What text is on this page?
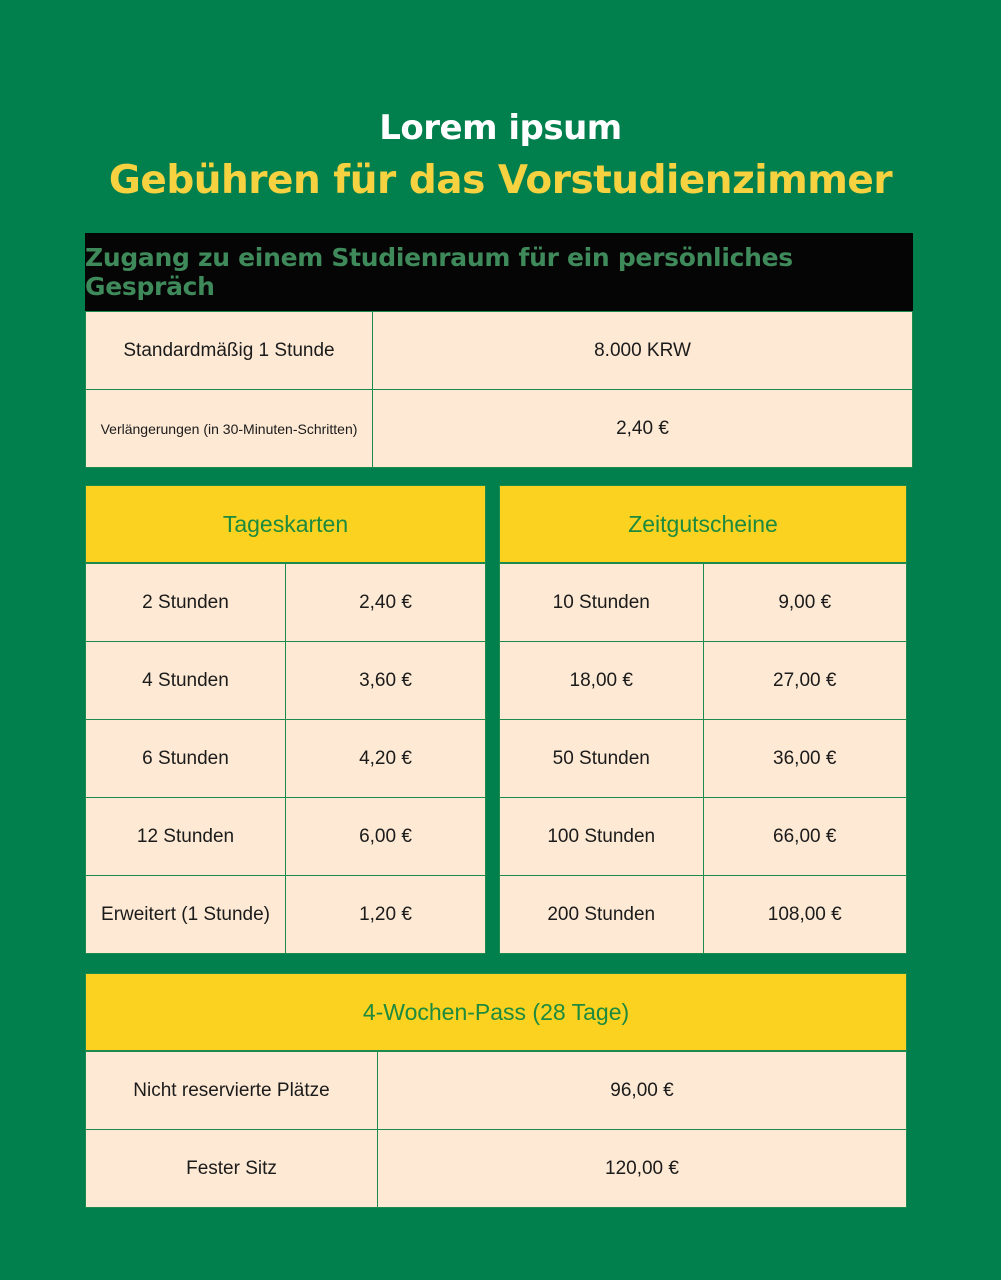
Lorem ipsum
Gebühren für das Vorstudienzimmer
Zugang zu einem Studienraum für ein persönliches Gespräch
Standardmäßig 1 Stunde	8.000 KRW
Verlängerungen (in 30-Minuten-Schritten)	2,40 €
Tageskarten
2 Stunden	2,40 €
4 Stunden	3,60 €
6 Stunden	4,20 €
12 Stunden	6,00 €
Erweitert (1 Stunde)	1,20 €
Zeitgutscheine
10 Stunden	9,00 €
18,00 €	27,00 €
50 Stunden	36,00 €
100 Stunden	66,00 €
200 Stunden	108,00 €
4-Wochen-Pass (28 Tage)
Nicht reservierte Plätze	96,00 €
Fester Sitz	120,00 €
